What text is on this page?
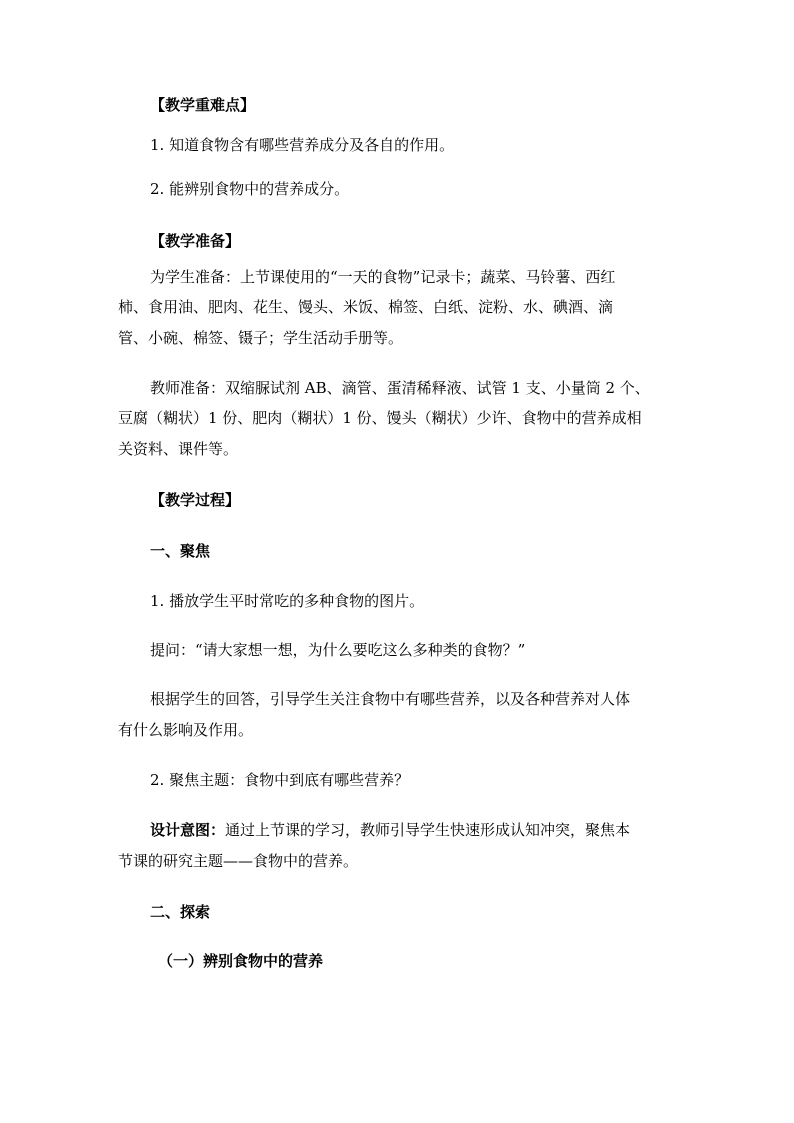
【教学重难点】
1. 知道食物含有哪些营养成分及各自的作用。
2. 能辨别食物中的营养成分。
【教学准备】
为学生准备：上节课使用的“一天的食物”记录卡；蔬菜、马铃薯、西红
柿、食用油、肥肉、花生、馒头、米饭、棉签、白纸、淀粉、水、碘酒、滴
管、小碗、棉签、镊子；学生活动手册等。
教师准备：双缩脲试剂 AB、滴管、蛋清稀释液、试管 1 支、小量筒 2 个、
豆腐（糊状）1 份、肥肉（糊状）1 份、馒头（糊状）少许、食物中的营养成相
关资料、课件等。
【教学过程】
一、聚焦
1. 播放学生平时常吃的多种食物的图片。
提问：“请大家想一想，为什么要吃这么多种类的食物？”
根据学生的回答，引导学生关注食物中有哪些营养，以及各种营养对人体
有什么影响及作用。
2. 聚焦主题：食物中到底有哪些营养？
设计意图：通过上节课的学习，教师引导学生快速形成认知冲突，聚焦本
节课的研究主题——食物中的营养。
二、探索
（一）辨别食物中的营养
